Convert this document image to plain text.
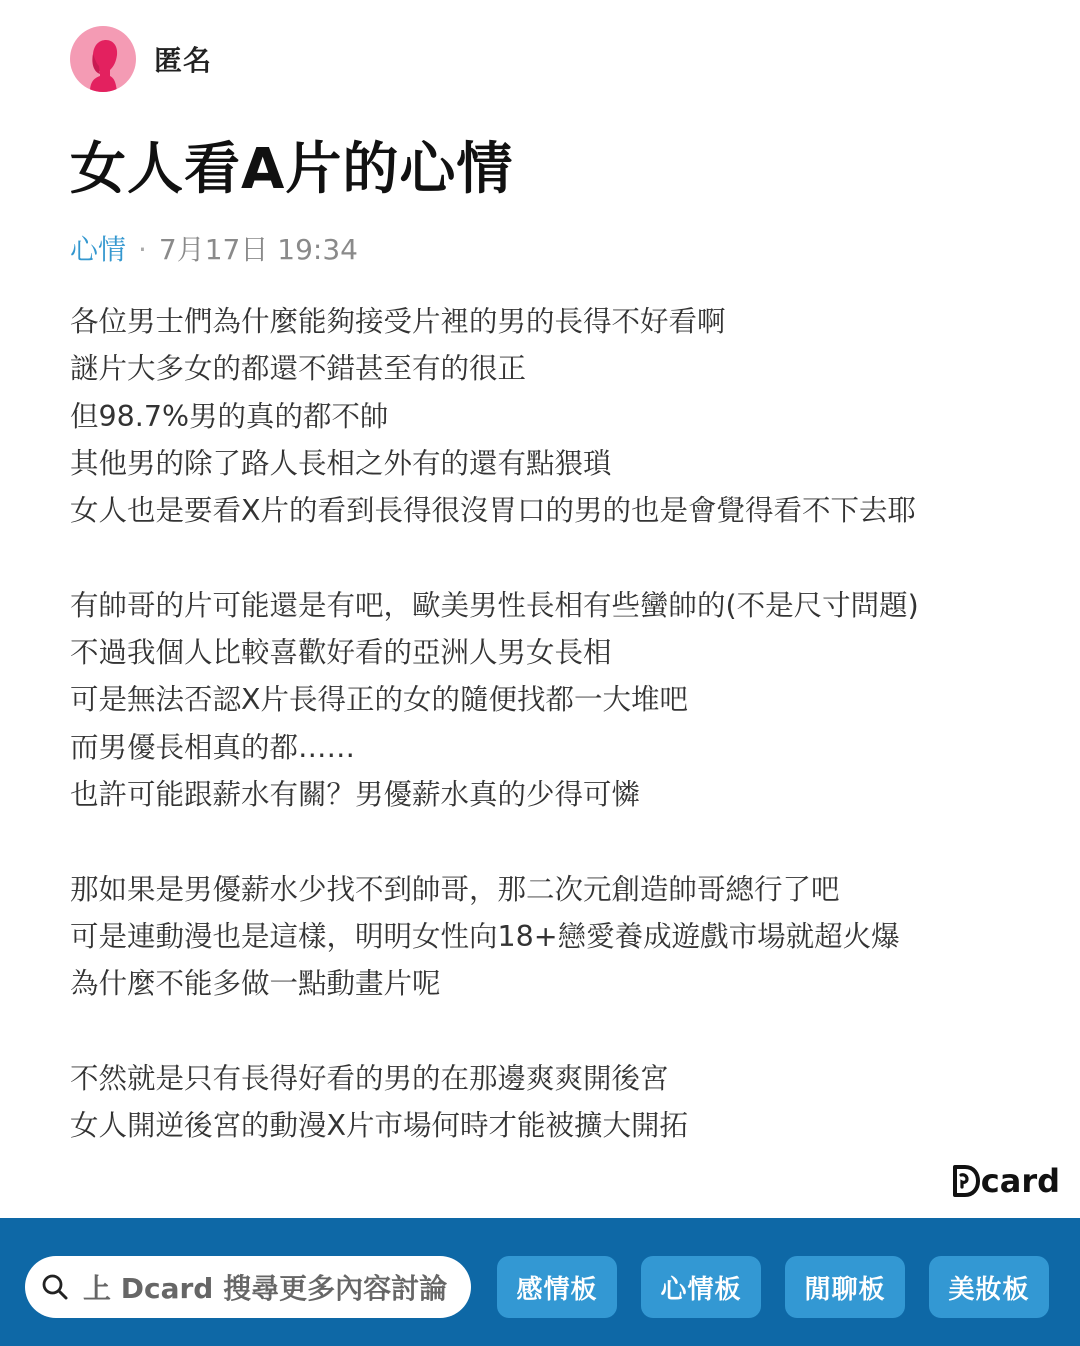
匿名
女人看A片的心情
心情 · 7月17日 19:34
各位男士們為什麼能夠接受片裡的男的長得不好看啊
謎片大多女的都還不錯甚至有的很正
但98.7%男的真的都不帥
其他男的除了路人長相之外有的還有點猥瑣
女人也是要看X片的看到長得很沒胃口的男的也是會覺得看不下去耶
有帥哥的片可能還是有吧，歐美男性長相有些蠻帥的(不是尺寸問題)
不過我個人比較喜歡好看的亞洲人男女長相
可是無法否認X片長得正的女的隨便找都一大堆吧
而男優長相真的都……
也許可能跟薪水有關？男優薪水真的少得可憐
那如果是男優薪水少找不到帥哥，那二次元創造帥哥總行了吧
可是連動漫也是這樣，明明女性向18+戀愛養成遊戲市場就超火爆
為什麼不能多做一點動畫片呢
不然就是只有長得好看的男的在那邊爽爽開後宮
女人開逆後宮的動漫X片市場何時才能被擴大開拓
card
上 Dcard 搜尋更多內容討論	感情板	心情板	閒聊板	美妝板
